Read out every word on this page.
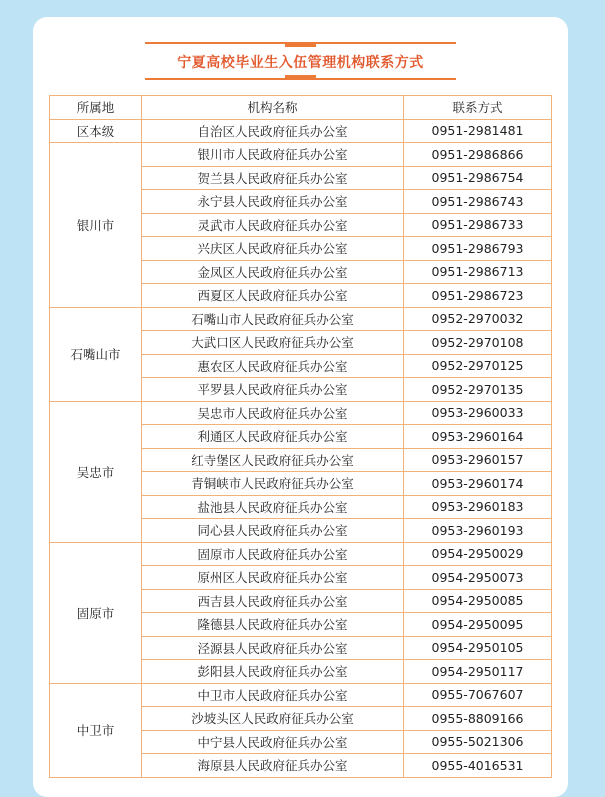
宁夏高校毕业生入伍管理机构联系方式
所属地	机构名称	联系方式
区本级	自治区人民政府征兵办公室	0951-2981481
银川市	银川市人民政府征兵办公室	0951-2986866
	贺兰县人民政府征兵办公室	0951-2986754
	永宁县人民政府征兵办公室	0951-2986743
	灵武市人民政府征兵办公室	0951-2986733
	兴庆区人民政府征兵办公室	0951-2986793
	金凤区人民政府征兵办公室	0951-2986713
	西夏区人民政府征兵办公室	0951-2986723
石嘴山市	石嘴山市人民政府征兵办公室	0952-2970032
	大武口区人民政府征兵办公室	0952-2970108
	惠农区人民政府征兵办公室	0952-2970125
	平罗县人民政府征兵办公室	0952-2970135
吴忠市	吴忠市人民政府征兵办公室	0953-2960033
	利通区人民政府征兵办公室	0953-2960164
	红寺堡区人民政府征兵办公室	0953-2960157
	青铜峡市人民政府征兵办公室	0953-2960174
	盐池县人民政府征兵办公室	0953-2960183
	同心县人民政府征兵办公室	0953-2960193
固原市	固原市人民政府征兵办公室	0954-2950029
	原州区人民政府征兵办公室	0954-2950073
	西吉县人民政府征兵办公室	0954-2950085
	隆德县人民政府征兵办公室	0954-2950095
	泾源县人民政府征兵办公室	0954-2950105
	彭阳县人民政府征兵办公室	0954-2950117
中卫市	中卫市人民政府征兵办公室	0955-7067607
	沙坡头区人民政府征兵办公室	0955-8809166
	中宁县人民政府征兵办公室	0955-5021306
	海原县人民政府征兵办公室	0955-4016531
